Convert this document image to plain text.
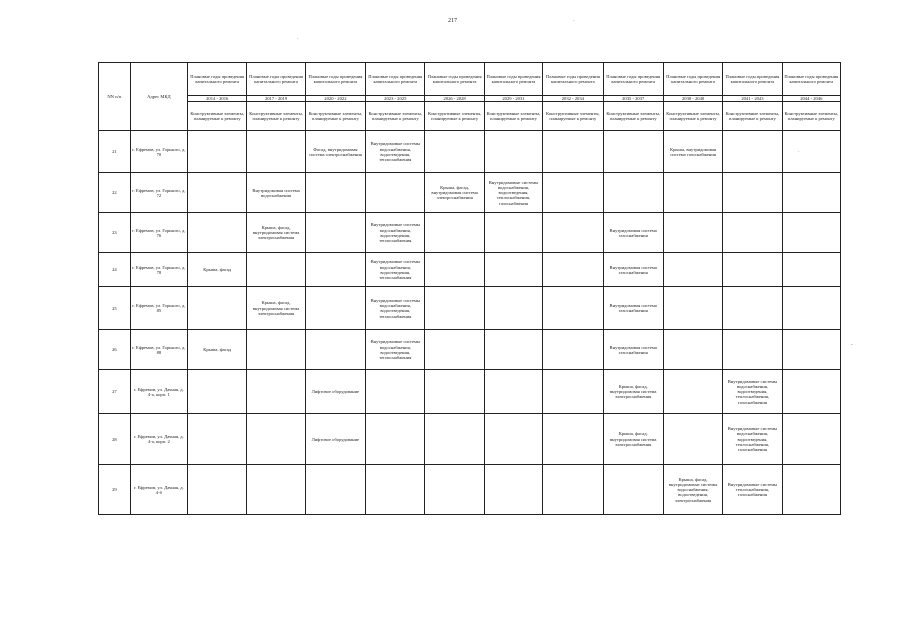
217
·
·
-
·
NN п/п	Адрес МКД	Плановые годы проведения капитального ремонта	Плановые годы проведения капитального ремонта	Плановые годы проведения капитального ремонта	Плановые годы проведения капитального ремонта	Плановые годы проведения капитального ремонта	Плановые годы проведения капитального ремонта	Плановые годы проведения капитального ремонта	Плановые годы проведения капитального ремонта	Плановые годы проведения капитального ремонта	Плановые годы проведения капитального ремонта	Плановые годы проведения капитального ремонта
		2014 - 2016	2017 - 2019	2020 - 2022	2023 - 2025	2026 - 2028	2029 - 2031	2032 - 2034	2035 - 2037	2038 - 2040	2041 - 2043	2044 - 2046
		Конструктивные элементы, планируемые к ремонту	Конструктивные элементы, планируемые к ремонту	Конструктивные элементы, планируемые к ремонту	Конструктивные элементы, планируемые к ремонту	Конструктивные элементы, планируемые к ремонту	Конструктивные элементы, планируемые к ремонту	Конструктивные элементы, планируемые к ремонту	Конструктивные элементы, планируемые к ремонту	Конструктивные элементы, планируемые к ремонту	Конструктивные элементы, планируемые к ремонту	Конструктивные элементы, планируемые к ремонту
21	г. Ефремов, ул. Горького, д. 70			Фасад, внутридомовая система электроснабжения	Внутридомовые системы водоснабжения, водоотведения, теплоснабжения					Крыша, внутридомовая система газоснабжения		
22	г. Ефремов, ул. Горького, д. 72		Внутридомовая система водоснабжения			Крыша, фасад, внутридомовая система электроснабжения	Внутридомовые системы водоснабжения, водоотведения, теплоснабжения, газоснабжения					
23	г. Ефремов, ул. Горького, д. 76		Крыша, фасад, внутридомовая система электроснабжения		Внутридомовые системы водоснабжения, водоотведения, теплоснабжения				Внутридомовая система газоснабжения			
24	г. Ефремов, ул. Горького, д. 78	Крыша, фасад			Внутридомовые системы водоснабжения, водоотведения, теплоснабжения				Внутридомовая система газоснабжения			
25	г. Ефремов, ул. Горького, д. 85		Крыша, фасад, внутридомовая система электроснабжения		Внутридомовые системы водоснабжения, водоотведения, теплоснабжения				Внутридомовая система газоснабжения			
26	г. Ефремов, ул. Горького, д. 88	Крыша, фасад			Внутридомовые системы водоснабжения, водоотведения, теплоснабжения				Внутридомовая система газоснабжения			
27	г. Ефремов, ул. Дачная, д. 4-а, корп. 1			Лифтовое оборудование					Крыша, фасад, внутридомовая система электроснабжения		Внутридомовые системы водоснабжения, водоотведения, теплоснабжения, газоснабжения	
28	г. Ефремов, ул. Дачная, д. 4-а, корп. 2			Лифтовое оборудование					Крыша, фасад, внутридомовая система электроснабжения		Внутридомовые системы водоснабжения, водоотведения, теплоснабжения, газоснабжения	
29	г. Ефремов, ул. Дачная, д. 4-б									Крыша, фасад, внутридомовые системы водоснабжения, водоотведения, электроснабжения	Внутридомовые системы теплоснабжения, газоснабжения	
